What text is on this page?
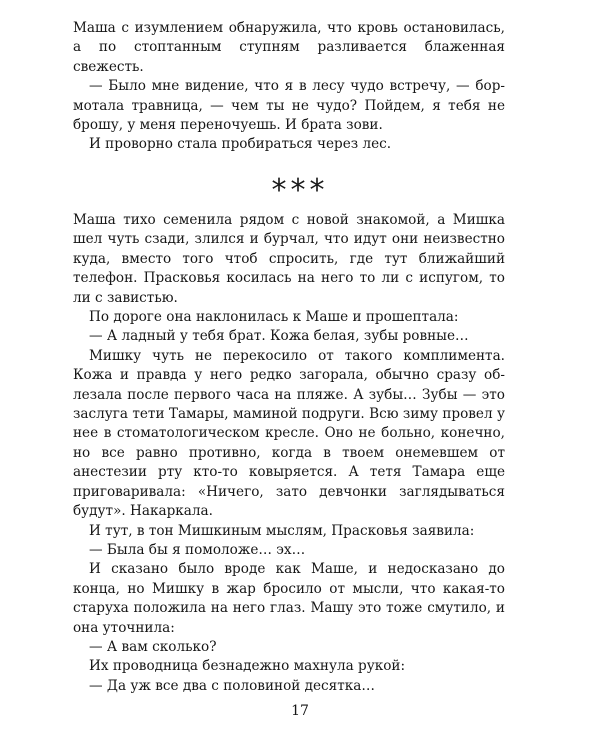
Маша с изумлением обнаружила, что кровь остановилась, а по стоптанным ступням разливается блаженная свежесть.

— Было мне видение, что я в лесу чудо встречу, — бормотала травница, — чем ты не чудо? Пойдем, я тебя не брошу, у меня переночуешь. И брата зови.

И проворно стала пробираться через лес.

***

Маша тихо семенила рядом с новой знакомой, а Мишка шел чуть сзади, злился и бурчал, что идут они неизвестно куда, вместо того чтоб спросить, где тут ближайший телефон. Прасковья косилась на него то ли с испугом, то ли с завистью.

По дороге она наклонилась к Маше и прошептала:

— А ладный у тебя брат. Кожа белая, зубы ровные…

Мишку чуть не перекосило от такого комплимента. Кожа и правда у него редко загорала, обычно сразу облезала после первого часа на пляже. А зубы… Зубы — это заслуга тети Тамары, маминой подруги. Всю зиму провел у нее в стоматологическом кресле. Оно не больно, конечно, но все равно противно, когда в твоем онемевшем от анестезии рту кто-то ковыряется. А тетя Тамара еще приговаривала: «Ничего, зато девчонки заглядываться будут». Накаркала.

И тут, в тон Мишкиным мыслям, Прасковья заявила:

— Была бы я помоложе… эх…

И сказано было вроде как Маше, и недосказано до конца, но Мишку в жар бросило от мысли, что какая-то старуха положила на него глаз. Машу это тоже смутило, и она уточнила:

— А вам сколько?

Их проводница безнадежно махнула рукой:

— Да уж все два с половиной десятка…

17
